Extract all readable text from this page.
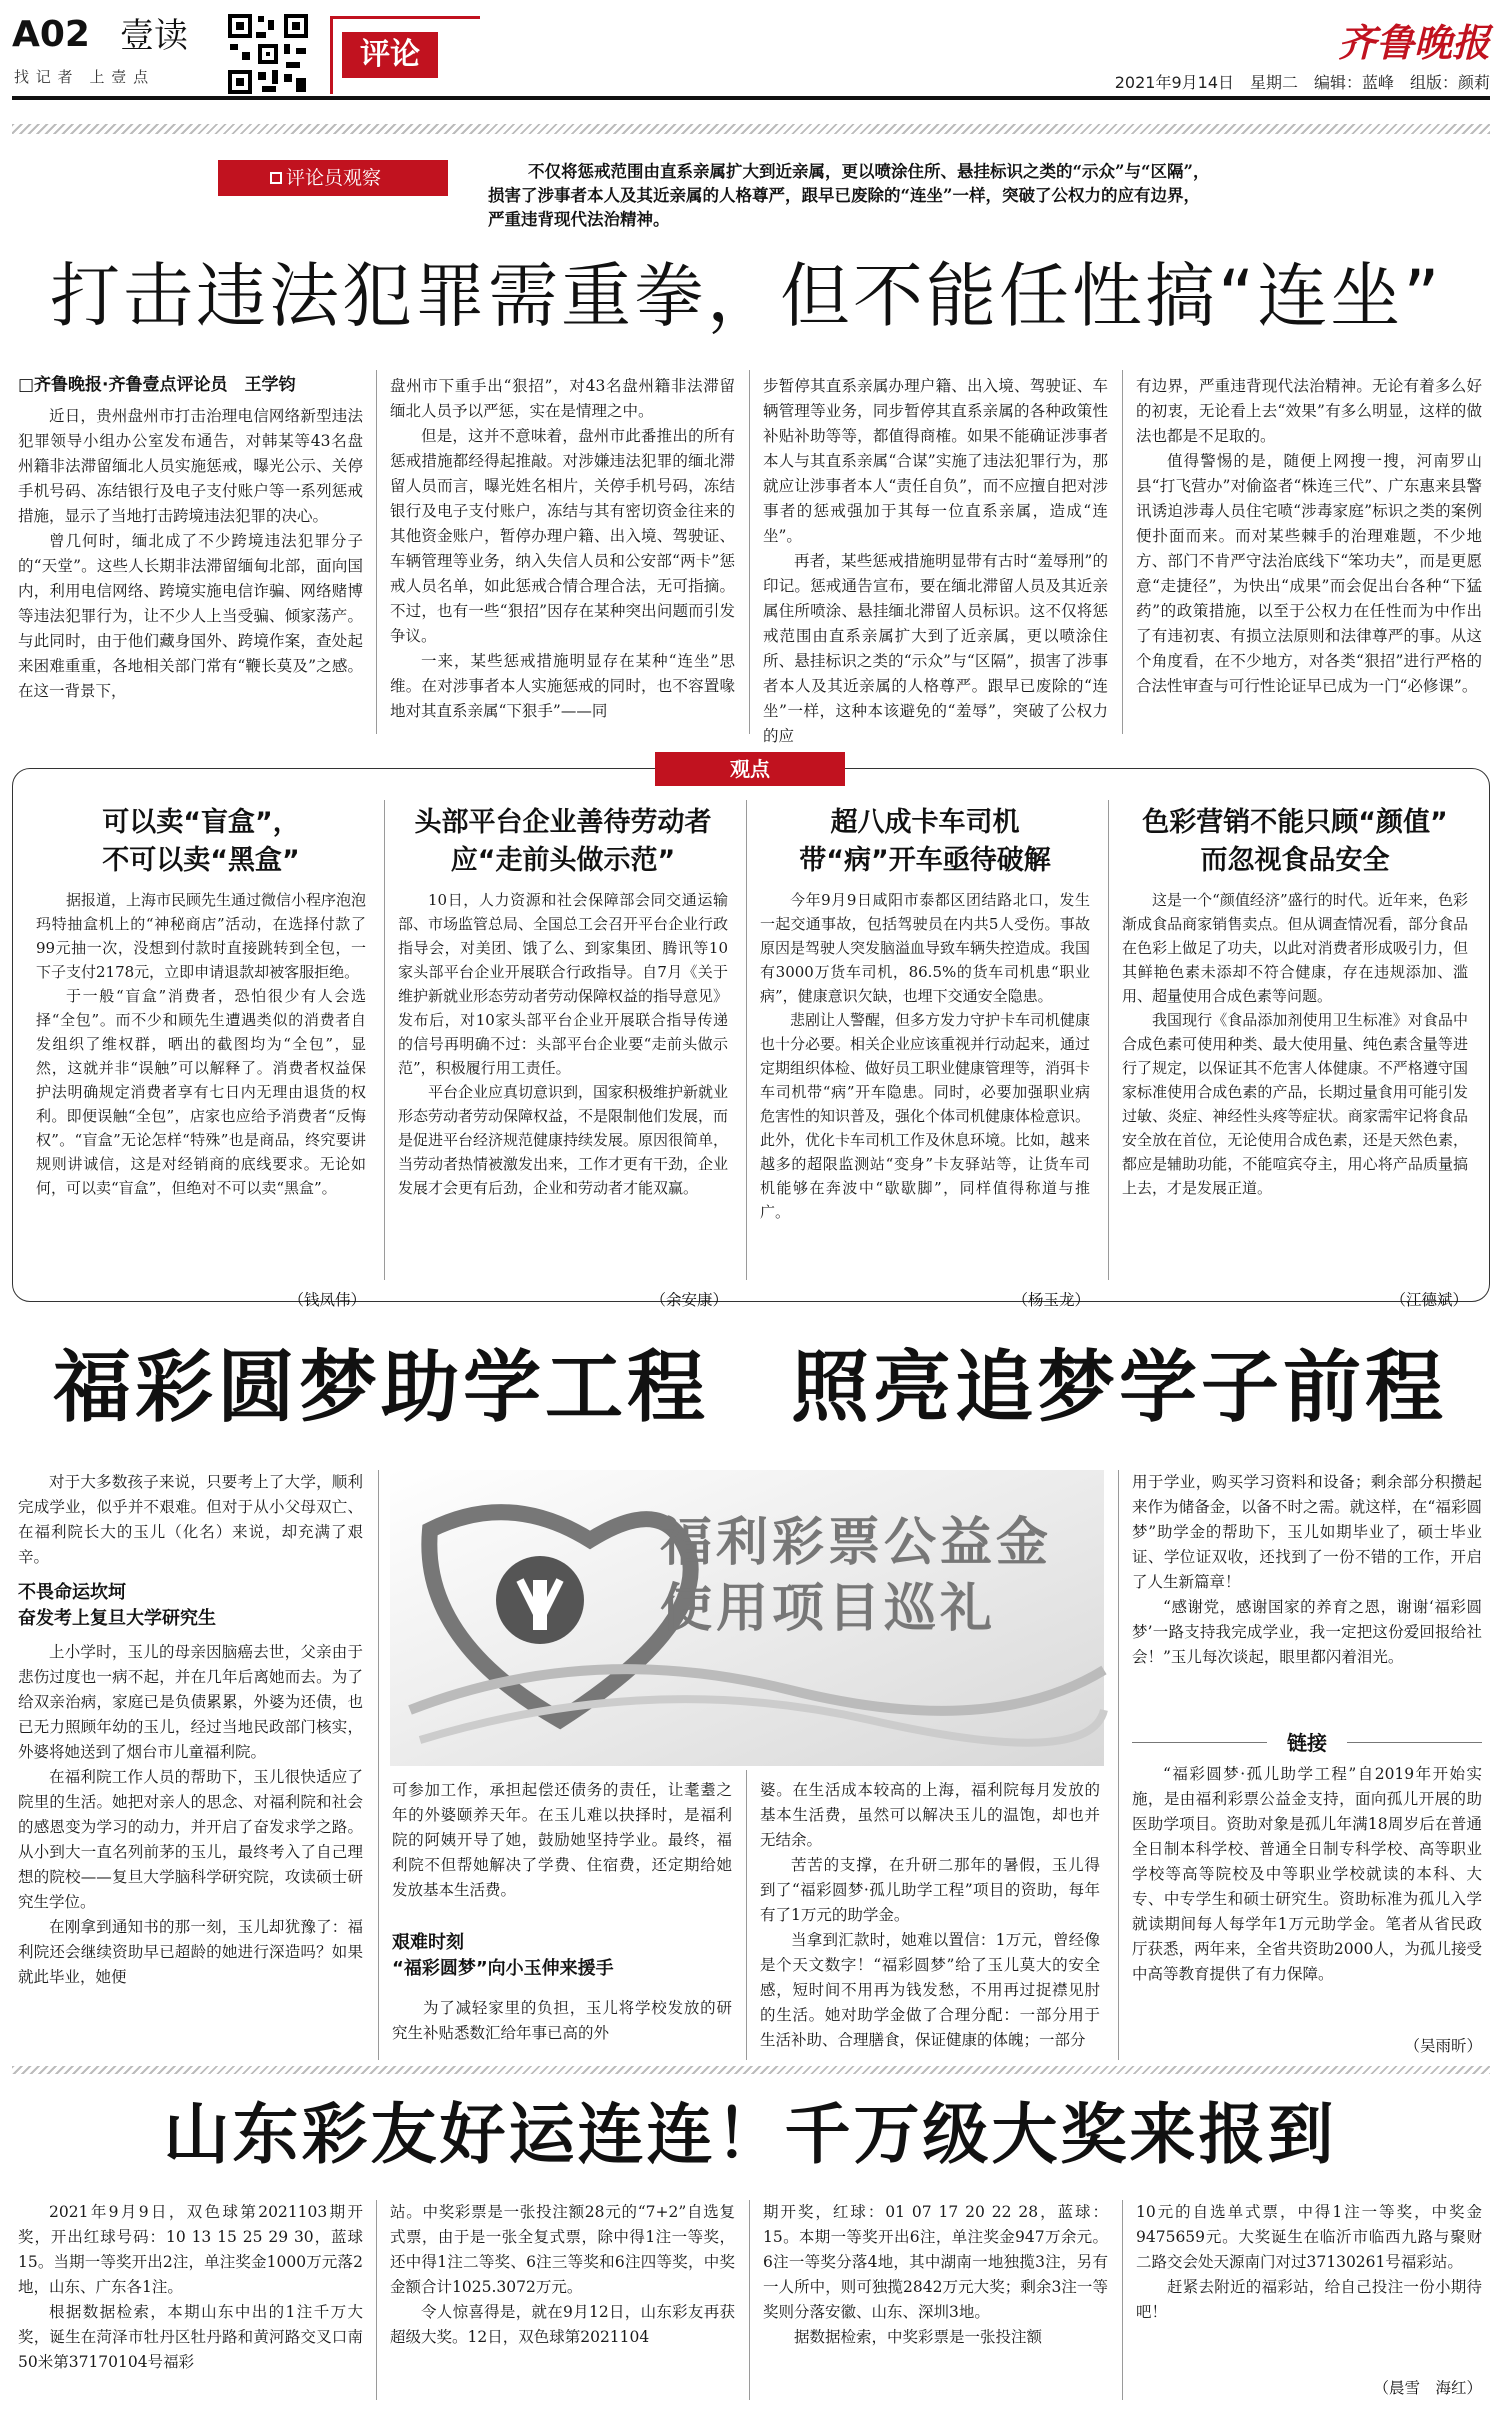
A02 壹读
找 记 者　上 壹 点
评论	齐鲁晚报
2021年9月14日　星期二　编辑：蓝峰　组版：颜莉
评论员观察	不仅将惩戒范围由直系亲属扩大到近亲属，更以喷涂住所、悬挂标识之类的“示众”与“区隔”，
损害了涉事者本人及其近亲属的人格尊严，跟早已废除的“连坐”一样，突破了公权力的应有边界，
严重违背现代法治精神。
打击违法犯罪需重拳，但不能任性搞“连坐”
□齐鲁晚报·齐鲁壹点评论员　王学钧

近日，贵州盘州市打击治理电信网络新型违法犯罪领导小组办公室发布通告，对韩某等43名盘州籍非法滞留缅北人员实施惩戒，曝光公示、关停手机号码、冻结银行及电子支付账户等一系列惩戒措施，显示了当地打击跨境违法犯罪的决心。

曾几何时，缅北成了不少跨境违法犯罪分子的“天堂”。这些人长期非法滞留缅甸北部，面向国内，利用电信网络、跨境实施电信诈骗、网络赌博等违法犯罪行为，让不少人上当受骗、倾家荡产。与此同时，由于他们藏身国外、跨境作案，查处起来困难重重，各地相关部门常有“鞭长莫及”之感。在这一背景下，

盘州市下重手出“狠招”，对43名盘州籍非法滞留缅北人员予以严惩，实在是情理之中。

但是，这并不意味着，盘州市此番推出的所有惩戒措施都经得起推敲。对涉嫌违法犯罪的缅北滞留人员而言，曝光姓名相片，关停手机号码，冻结银行及电子支付账户，冻结与其有密切资金往来的其他资金账户，暂停办理户籍、出入境、驾驶证、车辆管理等业务，纳入失信人员和公安部“两卡”惩戒人员名单，如此惩戒合情合理合法，无可指摘。不过，也有一些“狠招”因存在某种突出问题而引发争议。

一来，某些惩戒措施明显存在某种“连坐”思维。在对涉事者本人实施惩戒的同时，也不容置喙地对其直系亲属“下狠手”——同

步暂停其直系亲属办理户籍、出入境、驾驶证、车辆管理等业务，同步暂停其直系亲属的各种政策性补贴补助等等，都值得商榷。如果不能确证涉事者本人与其直系亲属“合谋”实施了违法犯罪行为，那就应让涉事者本人“责任自负”，而不应擅自把对涉事者的惩戒强加于其每一位直系亲属，造成“连坐”。

再者，某些惩戒措施明显带有古时“羞辱刑”的印记。惩戒通告宣布，要在缅北滞留人员及其近亲属住所喷涂、悬挂缅北滞留人员标识。这不仅将惩戒范围由直系亲属扩大到了近亲属，更以喷涂住所、悬挂标识之类的“示众”与“区隔”，损害了涉事者本人及其近亲属的人格尊严。跟早已废除的“连坐”一样，这种本该避免的“羞辱”，突破了公权力的应

有边界，严重违背现代法治精神。无论有着多么好的初衷，无论看上去“效果”有多么明显，这样的做法也都是不足取的。

值得警惕的是，随便上网搜一搜，河南罗山县“打飞营办”对偷盗者“株连三代”、广东惠来县警讯诱迫涉毒人员住宅喷“涉毒家庭”标识之类的案例便扑面而来。而对某些棘手的治理难题，不少地方、部门不肯严守法治底线下“笨功夫”，而是更愿意“走捷径”，为快出“成果”而会促出台各种“下猛药”的政策措施，以至于公权力在任性而为中作出了有违初衷、有损立法原则和法律尊严的事。从这个角度看，在不少地方，对各类“狠招”进行严格的合法性审查与可行性论证早已成为一门“必修课”。

观点
可以卖“盲盒”，
不可以卖“黑盒”

据报道，上海市民顾先生通过微信小程序泡泡玛特抽盒机上的“神秘商店”活动，在选择付款了99元抽一次，没想到付款时直接跳转到全包，一下子支付2178元，立即申请退款却被客服拒绝。

于一般“盲盒”消费者，恐怕很少有人会选择“全包”。而不少和顾先生遭遇类似的消费者自发组织了维权群，晒出的截图均为“全包”，显然，这就并非“误触”可以解释了。消费者权益保护法明确规定消费者享有七日内无理由退货的权利。即便误触“全包”，店家也应给予消费者“反悔权”。“盲盒”无论怎样“特殊”也是商品，终究要讲规则讲诚信，这是对经销商的底线要求。无论如何，可以卖“盲盒”，但绝对不可以卖“黑盒”。

（钱凤伟）
头部平台企业善待劳动者
应“走前头做示范”

10日，人力资源和社会保障部会同交通运输部、市场监管总局、全国总工会召开平台企业行政指导会，对美团、饿了么、到家集团、腾讯等10家头部平台企业开展联合行政指导。自7月《关于维护新就业形态劳动者劳动保障权益的指导意见》发布后，对10家头部平台企业开展联合指导传递的信号再明确不过：头部平台企业要“走前头做示范”，积极履行用工责任。

平台企业应真切意识到，国家积极维护新就业形态劳动者劳动保障权益，不是限制他们发展，而是促进平台经济规范健康持续发展。原因很简单，当劳动者热情被激发出来，工作才更有干劲，企业发展才会更有后劲，企业和劳动者才能双赢。

（余安康）
超八成卡车司机
带“病”开车亟待破解

今年9月9日咸阳市泰都区团结路北口，发生一起交通事故，包括驾驶员在内共5人受伤。事故原因是驾驶人突发脑溢血导致车辆失控造成。我国有3000万货车司机，86.5%的货车司机患“职业病”，健康意识欠缺，也埋下交通安全隐患。

悲剧让人警醒，但多方发力守护卡车司机健康也十分必要。相关企业应该重视并行动起来，通过定期组织体检、做好员工职业健康管理等，消弭卡车司机带“病”开车隐患。同时，必要加强职业病危害性的知识普及，强化个体司机健康体检意识。此外，优化卡车司机工作及休息环境。比如，越来越多的超限监测站“变身”卡友驿站等，让货车司机能够在奔波中“歇歇脚”，同样值得称道与推广。

（杨玉龙）
色彩营销不能只顾“颜值”
而忽视食品安全

这是一个“颜值经济”盛行的时代。近年来，色彩渐成食品商家销售卖点。但从调查情况看，部分食品在色彩上做足了功夫，以此对消费者形成吸引力，但其鲜艳色素未添却不符合健康，存在违规添加、滥用、超量使用合成色素等问题。

我国现行《食品添加剂使用卫生标准》对食品中合成色素可使用种类、最大使用量、纯色素含量等进行了规定，以保证其不危害人体健康。不严格遵守国家标准使用合成色素的产品，长期过量食用可能引发过敏、炎症、神经性头疼等症状。商家需牢记将食品安全放在首位，无论使用合成色素，还是天然色素，都应是辅助功能，不能喧宾夺主，用心将产品质量搞上去，才是发展正道。

（江德斌）
福彩圆梦助学工程　照亮追梦学子前程

对于大多数孩子来说，只要考上了大学，顺利完成学业，似乎并不艰难。但对于从小父母双亡、在福利院长大的玉儿（化名）来说，却充满了艰辛。

不畏命运坎坷
奋发考上复旦大学研究生

上小学时，玉儿的母亲因脑癌去世，父亲由于悲伤过度也一病不起，并在几年后离她而去。为了给双亲治病，家庭已是负债累累，外婆为还债，也已无力照顾年幼的玉儿，经过当地民政部门核实，外婆将她送到了烟台市儿童福利院。

在福利院工作人员的帮助下，玉儿很快适应了院里的生活。她把对亲人的思念、对福利院和社会的感恩变为学习的动力，并开启了奋发求学之路。从小到大一直名列前茅的玉儿，最终考入了自己理想的院校——复旦大学脑科学研究院，攻读硕士研究生学位。

在刚拿到通知书的那一刻，玉儿却犹豫了：福利院还会继续资助早已超龄的她进行深造吗？如果就此毕业，她便

福利彩票公益金
使用项目巡礼

可参加工作，承担起偿还债务的责任，让耄耋之年的外婆颐养天年。在玉儿难以抉择时，是福利院的阿姨开导了她，鼓励她坚持学业。最终，福利院不但帮她解决了学费、住宿费，还定期给她发放基本生活费。

艰难时刻
“福彩圆梦”向小玉伸来援手

为了减轻家里的负担，玉儿将学校发放的研究生补贴悉数汇给年事已高的外

婆。在生活成本较高的上海，福利院每月发放的基本生活费，虽然可以解决玉儿的温饱，却也并无结余。

苦苦的支撑，在升研二那年的暑假，玉儿得到了“福彩圆梦·孤儿助学工程”项目的资助，每年有了1万元的助学金。

当拿到汇款时，她难以置信：1万元，曾经像是个天文数字！“福彩圆梦”给了玉儿莫大的安全感，短时间不用再为钱发愁，不用再过捉襟见肘的生活。她对助学金做了合理分配：一部分用于生活补助、合理膳食，保证健康的体魄；一部分

用于学业，购买学习资料和设备；剩余部分积攒起来作为储备金，以备不时之需。就这样，在“福彩圆梦”助学金的帮助下，玉儿如期毕业了，硕士毕业证、学位证双收，还找到了一份不错的工作，开启了人生新篇章！

“感谢党，感谢国家的养育之恩，谢谢‘福彩圆梦’一路支持我完成学业，我一定把这份爱回报给社会！”玉儿每次谈起，眼里都闪着泪光。

链接

“福彩圆梦·孤儿助学工程”自2019年开始实施，是由福利彩票公益金支持，面向孤儿开展的助医助学项目。资助对象是孤儿年满18周岁后在普通全日制本科学校、普通全日制专科学校、高等职业学校等高等院校及中等职业学校就读的本科、大专、中专学生和硕士研究生。资助标准为孤儿入学就读期间每人每学年1万元助学金。笔者从省民政厅获悉，两年来，全省共资助2000人，为孤儿接受中高等教育提供了有力保障。

（吴雨昕）
山东彩友好运连连！千万级大奖来报到

2021年9月9日，双色球第2021103期开奖，开出红球号码：10 13 15 25 29 30，蓝球15。当期一等奖开出2注，单注奖金1000万元落2地，山东、广东各1注。

根据数据检索，本期山东中出的1注千万大奖，诞生在菏泽市牡丹区牡丹路和黄河路交叉口南50米第37170104号福彩

站。中奖彩票是一张投注额28元的“7+2”自选复式票，由于是一张全复式票，除中得1注一等奖，还中得1注二等奖、6注三等奖和6注四等奖，中奖金额合计1025.3072万元。

令人惊喜得是，就在9月12日，山东彩友再获超级大奖。12日，双色球第2021104

期开奖，红球：01 07 17 20 22 28，蓝球：15。本期一等奖开出6注，单注奖金947万余元。6注一等奖分落4地，其中湖南一地独揽3注，另有一人所中，则可独揽2842万元大奖；剩余3注一等奖则分落安徽、山东、深圳3地。

据数据检索，中奖彩票是一张投注额

10元的自选单式票，中得1注一等奖，中奖金9475659元。大奖诞生在临沂市临西九路与聚财二路交会处天源南门对过37130261号福彩站。

赶紧去附近的福彩站，给自己投注一份小期待吧！

（晨雪　海红）
